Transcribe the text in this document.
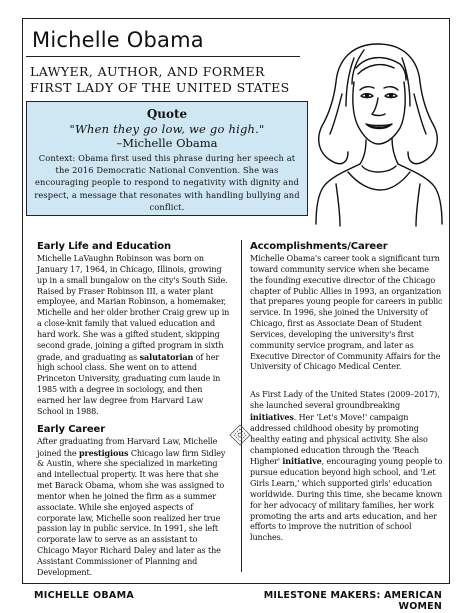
Michelle Obama
LAWYER, AUTHOR, AND FORMER FIRST LADY OF THE UNITED STATES
Quote
"When they go low, we go high."
–Michelle Obama
Context: Obama first used this phrase during her speech at the 2016 Democratic National Convention. She was encouraging people to respond to negativity with dignity and respect, a message that resonates with handling bullying and conflict.
Early Life and Education
Michelle LaVaughn Robinson was born on January 17, 1964, in Chicago, Illinois, growing up in a small bungalow on the city's South Side. Raised by Fraser Robinson III, a water plant employee, and Marian Robinson, a homemaker, Michelle and her older brother Craig grew up in a close-knit family that valued education and hard work. She was a gifted student, skipping second grade, joining a gifted program in sixth grade, and graduating as salutatorian of her high school class. She went on to attend Princeton University, graduating cum laude in 1985 with a degree in sociology, and then earned her law degree from Harvard Law School in 1988.
Early Career
After graduating from Harvard Law, Michelle joined the prestigious Chicago law firm Sidley & Austin, where she specialized in marketing and intellectual property. It was here that she met Barack Obama, whom she was assigned to mentor when he joined the firm as a summer associate. While she enjoyed aspects of corporate law, Michelle soon realized her true passion lay in public service. In 1991, she left corporate law to serve as an assistant to Chicago Mayor Richard Daley and later as the Assistant Commissioner of Planning and Development.
Accomplishments/Career
Michelle Obama's career took a significant turn toward community service when she became the founding executive director of the Chicago chapter of Public Allies in 1993, an organization that prepares young people for careers in public service. In 1996, she joined the University of Chicago, first as Associate Dean of Student Services, developing the university's first community service program, and later as Executive Director of Community Affairs for the University of Chicago Medical Center.
As First Lady of the United States (2009–2017), she launched several groundbreaking initiatives. Her 'Let's Move!' campaign addressed childhood obesity by promoting healthy eating and physical activity. She also championed education through the 'Reach Higher' initiative, encouraging young people to pursue education beyond high school, and 'Let Girls Learn,' which supported girls' education worldwide. During this time, she became known for her advocacy of military families, her work promoting the arts and arts education, and her efforts to improve the nutrition of school lunches.
MICHELLE OBAMA	MILESTONE MAKERS: AMERICAN WOMEN
